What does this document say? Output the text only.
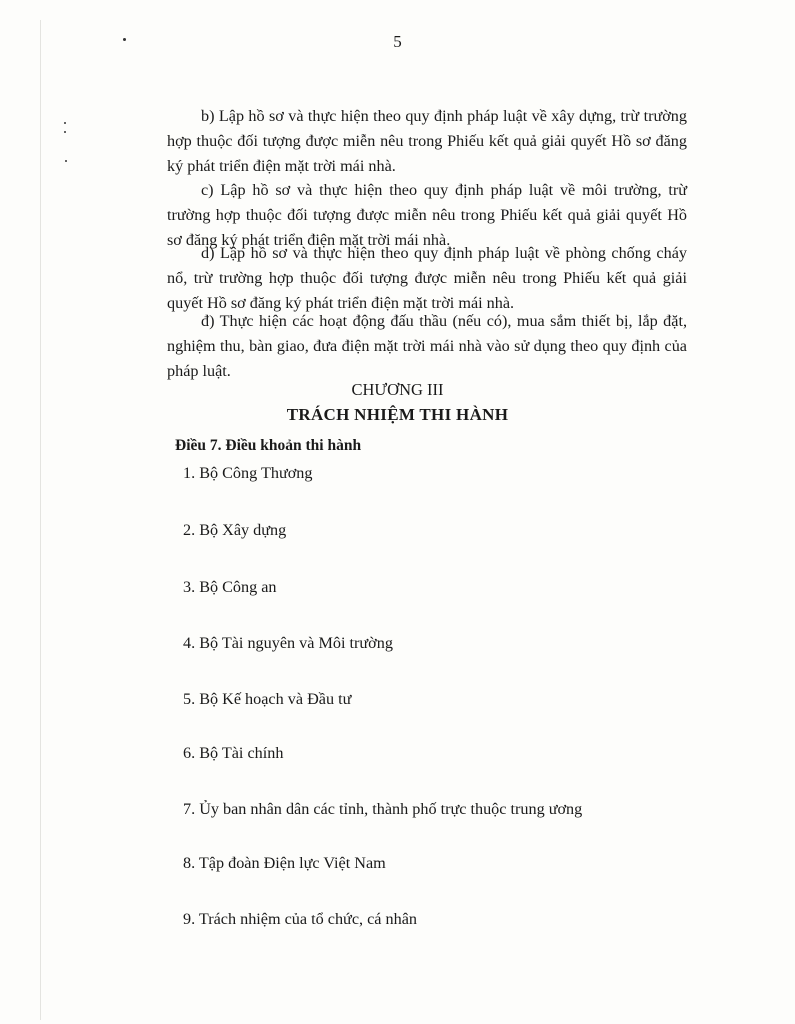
5

b) Lập hồ sơ và thực hiện theo quy định pháp luật về xây dựng, trừ trường hợp thuộc đối tượng được miễn nêu trong Phiếu kết quả giải quyết Hồ sơ đăng ký phát triển điện mặt trời mái nhà.

c) Lập hồ sơ và thực hiện theo quy định pháp luật về môi trường, trừ trường hợp thuộc đối tượng được miễn nêu trong Phiếu kết quả giải quyết Hồ sơ đăng ký phát triển điện mặt trời mái nhà.

d) Lập hồ sơ và thực hiện theo quy định pháp luật về phòng chống cháy nổ, trừ trường hợp thuộc đối tượng được miễn nêu trong Phiếu kết quả giải quyết Hồ sơ đăng ký phát triển điện mặt trời mái nhà.

đ) Thực hiện các hoạt động đấu thầu (nếu có), mua sắm thiết bị, lắp đặt, nghiệm thu, bàn giao, đưa điện mặt trời mái nhà vào sử dụng theo quy định của pháp luật.

CHƯƠNG III

TRÁCH NHIỆM THI HÀNH

Điều 7. Điều khoản thi hành

1. Bộ Công Thương

2. Bộ Xây dựng

3. Bộ Công an

4. Bộ Tài nguyên và Môi trường

5. Bộ Kế hoạch và Đầu tư

6. Bộ Tài chính

7. Ủy ban nhân dân các tỉnh, thành phố trực thuộc trung ương

8. Tập đoàn Điện lực Việt Nam

9. Trách nhiệm của tổ chức, cá nhân
